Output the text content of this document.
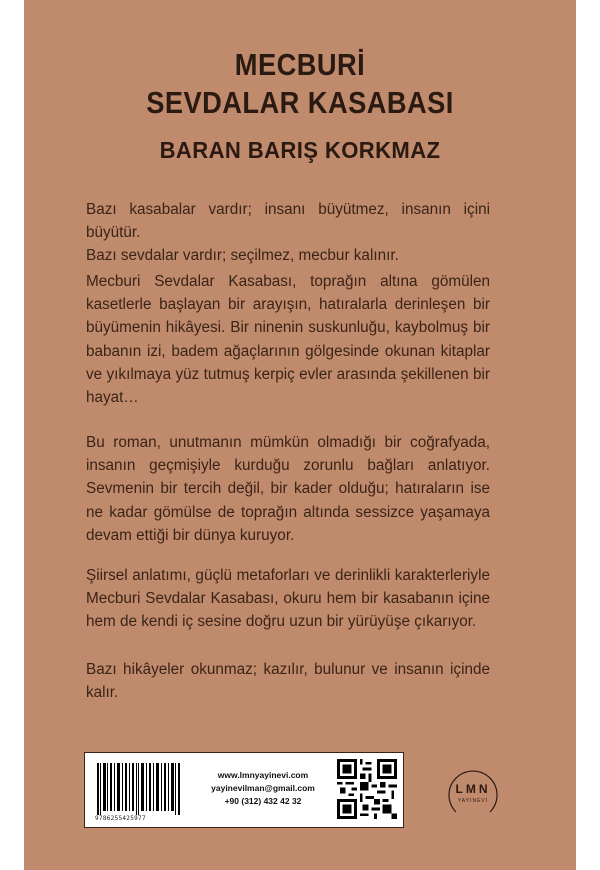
MECBURİ
SEVDALAR KASABASI
BARAN BARIŞ KORKMAZ

Bazı kasabalar vardır; insanı büyütmez, insanın içini büyütür.

Bazı sevdalar vardır; seçilmez, mecbur kalınır.

Mecburi Sevdalar Kasabası, toprağın altına gömülen kasetlerle başlayan bir arayışın, hatıralarla derinleşen bir büyümenin hikâyesi. Bir ninenin suskunluğu, kaybolmuş bir babanın izi, badem ağaçlarının gölgesinde okunan kitaplar ve yıkılmaya yüz tutmuş kerpiç evler arasında şekillenen bir hayat…

Bu roman, unutmanın mümkün olmadığı bir coğrafyada, insanın geçmişiyle kurduğu zorunlu bağları anlatıyor. Sevmenin bir tercih değil, bir kader olduğu; hatıraların ise ne kadar gömülse de toprağın altında sessizce yaşamaya devam ettiği bir dünya kuruyor.

Şiirsel anlatımı, güçlü metaforları ve derinlikli karakterleriyle Mecburi Sevdalar Kasabası, okuru hem bir kasabanın içine hem de kendi iç sesine doğru uzun bir yürüyüşe çıkarıyor.

Bazı hikâyeler okunmaz; kazılır, bulunur ve insanın içinde kalır.

9786255425977
www.lmnyayinevi.com
yayinevilman@gmail.com
+90 (312) 432 42 32
LMN
YAYINEVİ
